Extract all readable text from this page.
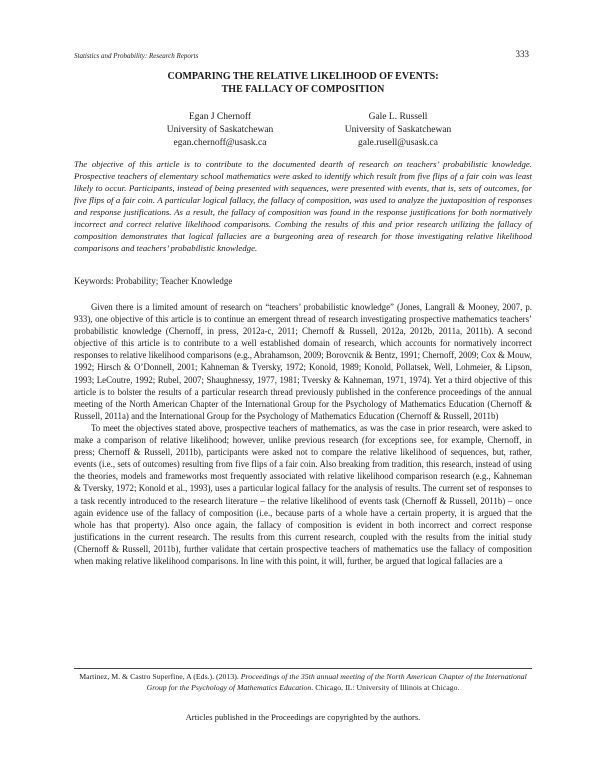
Statistics and Probability: Research Reports	333
COMPARING THE RELATIVE LIKELIHOOD OF EVENTS:
THE FALLACY OF COMPOSITION
Egan J Chernoff
University of Saskatchewan
egan.chernoff@usask.ca
Gale L. Russell
University of Saskatchewan
gale.rusell@usask.ca

The objective of this article is to contribute to the documented dearth of research on teachers’ probabilistic knowledge. Prospective teachers of elementary school mathematics were asked to identify which result from five flips of a fair coin was least likely to occur. Participants, instead of being presented with sequences, were presented with events, that is, sets of outcomes, for five flips of a fair coin. A particular logical fallacy, the fallacy of composition, was used to analyze the juxtaposition of responses and response justifications. As a result, the fallacy of composition was found in the response justifications for both normatively incorrect and correct relative likelihood comparisons. Combing the results of this and prior research utilizing the fallacy of composition demonstrates that logical fallacies are a burgeoning area of research for those investigating relative likelihood comparisons and teachers’ probabilistic knowledge.

Keywords: Probability; Teacher Knowledge

Given there is a limited amount of research on “teachers’ probabilistic knowledge” (Jones, Langrall & Mooney, 2007, p. 933), one objective of this article is to continue an emergent thread of research investigating prospective mathematics teachers’ probabilistic knowledge (Chernoff, in press, 2012a-c, 2011; Chernoff & Russell, 2012a, 2012b, 2011a, 2011b). A second objective of this article is to contribute to a well established domain of research, which accounts for normatively incorrect responses to relative likelihood comparisons (e.g., Abrahamson, 2009; Borovcnik & Bentz, 1991; Chernoff, 2009; Cox & Mouw, 1992; Hirsch & O’Donnell, 2001; Kahneman & Tversky, 1972; Konold, 1989; Konold, Pollatsek, Well, Lohmeier, & Lipson, 1993; LeCoutre, 1992; Rubel, 2007; Shaughnessy, 1977, 1981; Tversky & Kahneman, 1971, 1974). Yet a third objective of this article is to bolster the results of a particular research thread previously published in the conference proceedings of the annual meeting of the North American Chapter of the International Group for the Psychology of Mathematics Education (Chernoff & Russell, 2011a) and the International Group for the Psychology of Mathematics Education (Chernoff & Russell, 2011b)

To meet the objectives stated above, prospective teachers of mathematics, as was the case in prior research, were asked to make a comparison of relative likelihood; however, unlike previous research (for exceptions see, for example, Chernoff, in press; Chernoff & Russell, 2011b), participants were asked not to compare the relative likelihood of sequences, but, rather, events (i.e., sets of outcomes) resulting from five flips of a fair coin. Also breaking from tradition, this research, instead of using the theories, models and frameworks most frequently associated with relative likelihood comparison research (e.g., Kahneman & Tversky, 1972; Konold et al., 1993), uses a particular logical fallacy for the analysis of results. The current set of responses to a task recently introduced to the research literature – the relative likelihood of events task (Chernoff & Russell, 2011b) – once again evidence use of the fallacy of composition (i.e., because parts of a whole have a certain property, it is argued that the whole has that property). Also once again, the fallacy of composition is evident in both incorrect and correct response justifications in the current research. The results from this current research, coupled with the results from the initial study (Chernoff & Russell, 2011b), further validate that certain prospective teachers of mathematics use the fallacy of composition when making relative likelihood comparisons. In line with this point, it will, further, be argued that logical fallacies are a

Martinez, M. & Castro Superfine, A (Eds.). (2013). Proceedings of the 35th annual meeting of the North American Chapter of the International Group for the Psychology of Mathematics Education. Chicago, IL: University of Illinois at Chicago.
Articles published in the Proceedings are copyrighted by the authors.
